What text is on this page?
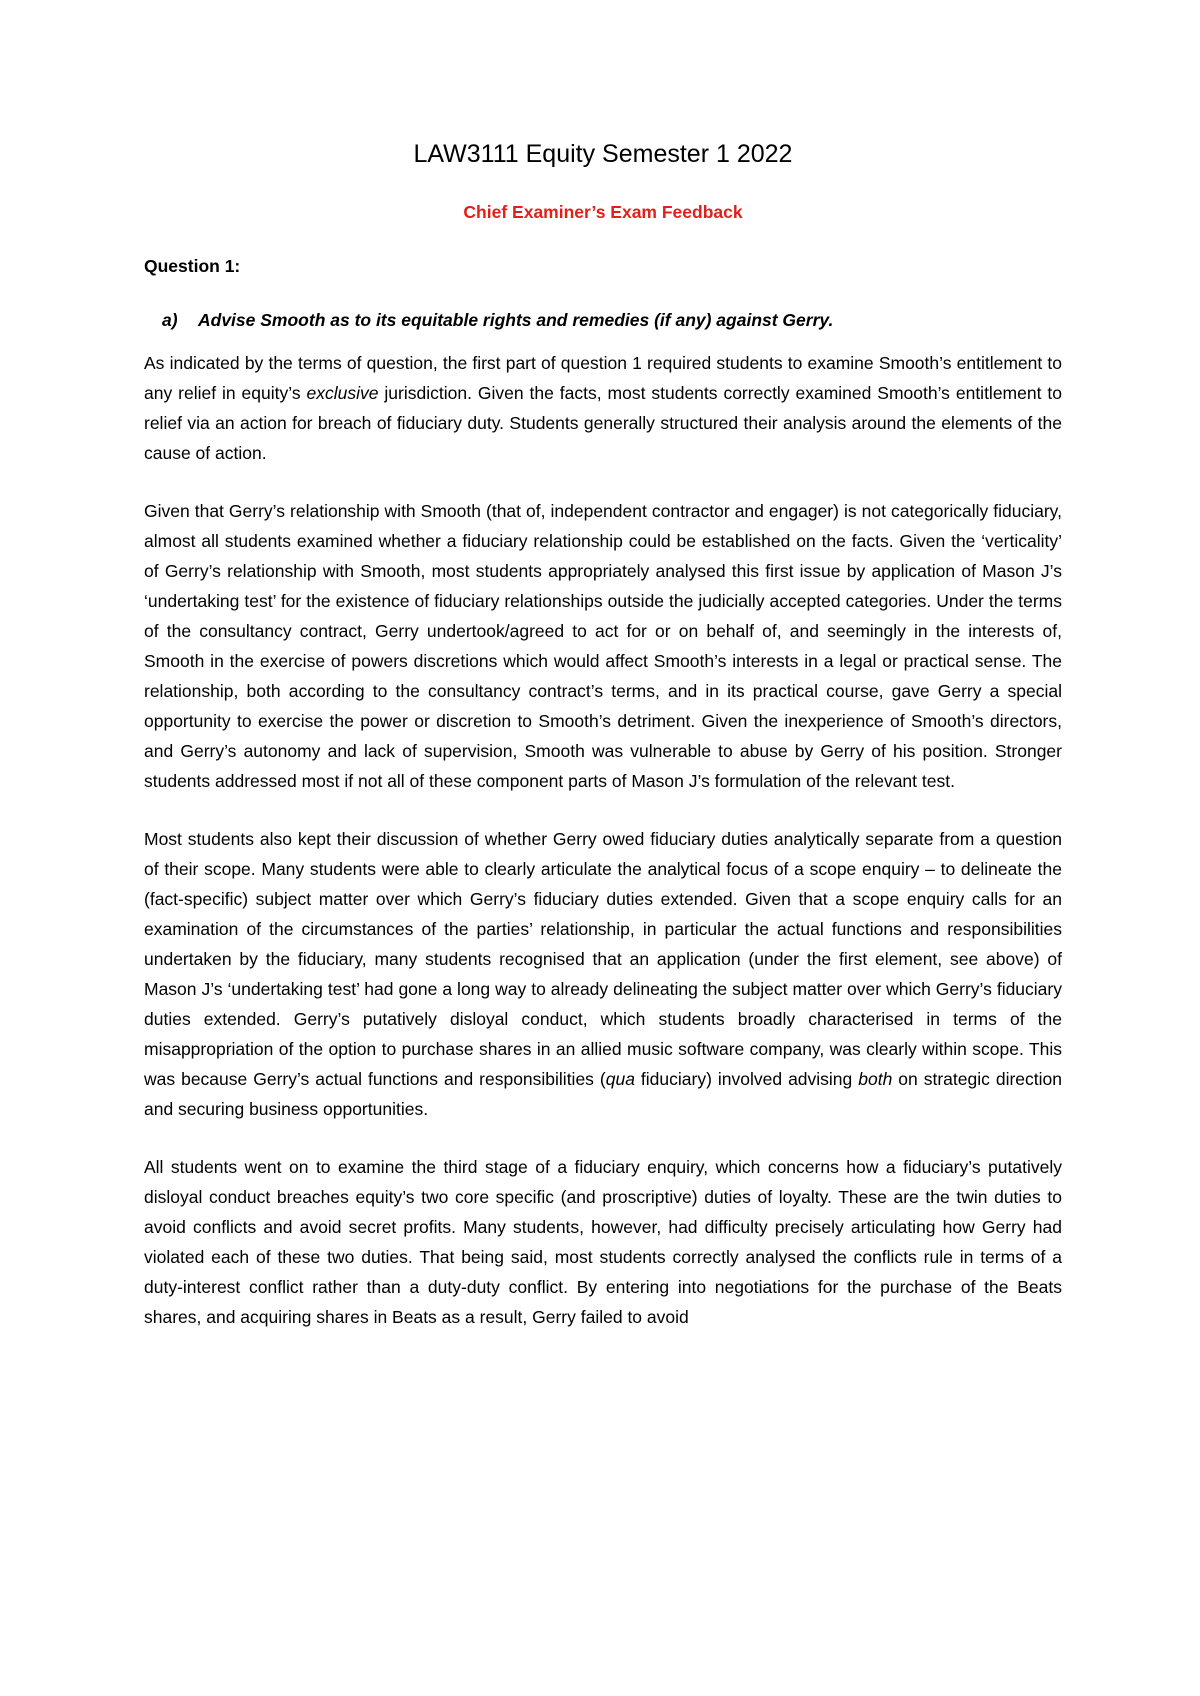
LAW3111 Equity Semester 1 2022
Chief Examiner’s Exam Feedback
Question 1:
a)	Advise Smooth as to its equitable rights and remedies (if any) against Gerry.

As indicated by the terms of question, the first part of question 1 required students to examine Smooth’s entitlement to any relief in equity’s exclusive jurisdiction. Given the facts, most students correctly examined Smooth’s entitlement to relief via an action for breach of fiduciary duty. Students generally structured their analysis around the elements of the cause of action.

Given that Gerry’s relationship with Smooth (that of, independent contractor and engager) is not categorically fiduciary, almost all students examined whether a fiduciary relationship could be established on the facts. Given the ‘verticality’ of Gerry’s relationship with Smooth, most students appropriately analysed this first issue by application of Mason J’s ‘undertaking test’ for the existence of fiduciary relationships outside the judicially accepted categories. Under the terms of the consultancy contract, Gerry undertook/agreed to act for or on behalf of, and seemingly in the interests of, Smooth in the exercise of powers discretions which would affect Smooth’s interests in a legal or practical sense. The relationship, both according to the consultancy contract’s terms, and in its practical course, gave Gerry a special opportunity to exercise the power or discretion to Smooth’s detriment. Given the inexperience of Smooth’s directors, and Gerry’s autonomy and lack of supervision, Smooth was vulnerable to abuse by Gerry of his position. Stronger students addressed most if not all of these component parts of Mason J’s formulation of the relevant test.

Most students also kept their discussion of whether Gerry owed fiduciary duties analytically separate from a question of their scope. Many students were able to clearly articulate the analytical focus of a scope enquiry – to delineate the (fact-specific) subject matter over which Gerry’s fiduciary duties extended. Given that a scope enquiry calls for an examination of the circumstances of the parties’ relationship, in particular the actual functions and responsibilities undertaken by the fiduciary, many students recognised that an application (under the first element, see above) of Mason J’s ‘undertaking test’ had gone a long way to already delineating the subject matter over which Gerry’s fiduciary duties extended. Gerry’s putatively disloyal conduct, which students broadly characterised in terms of the misappropriation of the option to purchase shares in an allied music software company, was clearly within scope. This was because Gerry’s actual functions and responsibilities (qua fiduciary) involved advising both on strategic direction and securing business opportunities.

All students went on to examine the third stage of a fiduciary enquiry, which concerns how a fiduciary’s putatively disloyal conduct breaches equity’s two core specific (and proscriptive) duties of loyalty. These are the twin duties to avoid conflicts and avoid secret profits. Many students, however, had difficulty precisely articulating how Gerry had violated each of these two duties. That being said, most students correctly analysed the conflicts rule in terms of a duty-interest conflict rather than a duty-duty conflict. By entering into negotiations for the purchase of the Beats shares, and acquiring shares in Beats as a result, Gerry failed to avoid
